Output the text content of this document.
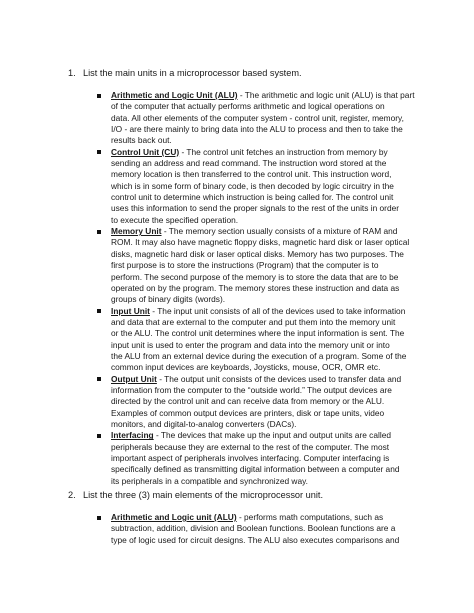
1. List the main units in a microprocessor based system.
Arithmetic and Logic Unit (ALU) - The arithmetic and logic unit (ALU) is that part
of the computer that actually performs arithmetic and logical operations on
data. All other elements of the computer system - control unit, register, memory,
I/O - are there mainly to bring data into the ALU to process and then to take the
results back out.
Control Unit (CU) - The control unit fetches an instruction from memory by
sending an address and read command. The instruction word stored at the
memory location is then transferred to the control unit. This instruction word,
which is in some form of binary code, is then decoded by logic circuitry in the
control unit to determine which instruction is being called for. The control unit
uses this information to send the proper signals to the rest of the units in order
to execute the specified operation.
Memory Unit - The memory section usually consists of a mixture of RAM and
ROM. It may also have magnetic floppy disks, magnetic hard disk or laser optical
disks, magnetic hard disk or laser optical disks. Memory has two purposes. The
first purpose is to store the instructions (Program) that the computer is to
perform. The second purpose of the memory is to store the data that are to be
operated on by the program. The memory stores these instruction and data as
groups of binary digits (words).
Input Unit - The input unit consists of all of the devices used to take information
and data that are external to the computer and put them into the memory unit
or the ALU. The control unit determines where the input information is sent. The
input unit is used to enter the program and data into the memory unit or into
the ALU from an external device during the execution of a program. Some of the
common input devices are keyboards, Joysticks, mouse, OCR, OMR etc.
Output Unit - The output unit consists of the devices used to transfer data and
information from the computer to the “outside world.” The output devices are
directed by the control unit and can receive data from memory or the ALU.
Examples of common output devices are printers, disk or tape units, video
monitors, and digital-to-analog converters (DACs).
Interfacing - The devices that make up the input and output units are called
peripherals because they are external to the rest of the computer. The most
important aspect of peripherals involves interfacing. Computer interfacing is
specifically defined as transmitting digital information between a computer and
its peripherals in a compatible and synchronized way.
2. List the three (3) main elements of the microprocessor unit.
Arithmetic and Logic unit (ALU) - performs math computations, such as
subtraction, addition, division and Boolean functions. Boolean functions are a
type of logic used for circuit designs. The ALU also executes comparisons and
